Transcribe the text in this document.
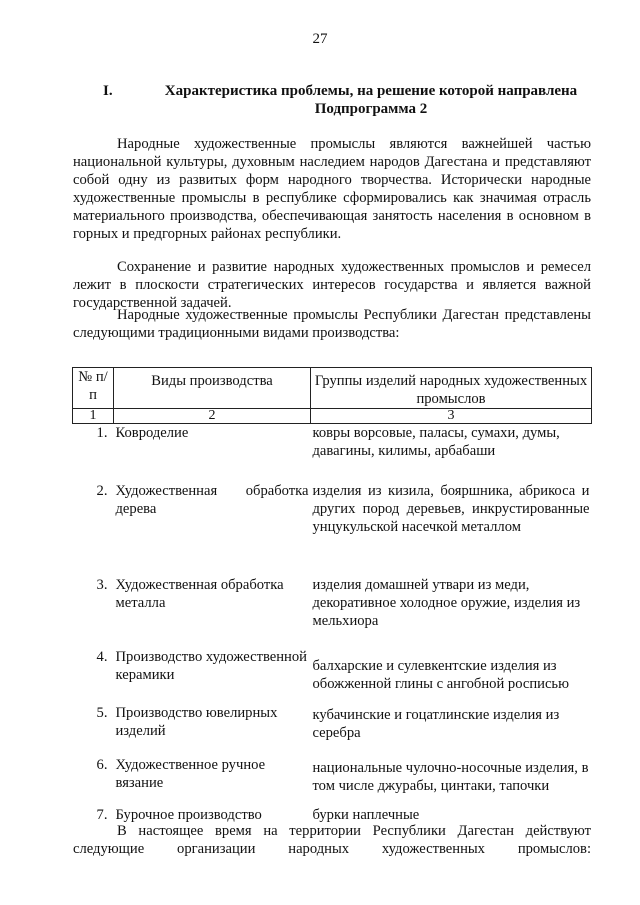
27
I.	Характеристика проблемы, на решение которой направлена
Подпрограмма 2

Народные художественные промыслы являются важнейшей частью национальной культуры, духовным наследием народов Дагестана и представляют собой одну из развитых форм народного творчества. Исторически народные художественные промыслы в республике сформировались как значимая отрасль материального производства, обеспечивающая занятость населения в основном в горных и предгорных районах республики.

Сохранение и развитие народных художественных промыслов и ремесел лежит в плоскости стратегических интересов государства и является важной государственной задачей.

Народные художественные промыслы Республики Дагестан представлены следующими традиционными видами производства:

№ п/п	Виды производства	Группы изделий народных художественных промыслов
1	2	3
1.	Ковроделие	ковры ворсовые, паласы, сумахи, думы, давагины, килимы, арбабаши
2.	Художественная обработка дерева	изделия из кизила, бояршника, абрикоса и других пород деревьев, инкрустированные унцукульской насечкой металлом
3.	Художественная обработка металла	изделия домашней утвари из меди, декоративное холодное оружие, изделия из мельхиора
4.	Производство художественной керамики	балхарские и сулевкентские изделия из обожженной глины с ангобной росписью
5.	Производство ювелирных изделий	кубачинские и гоцатлинские изделия из серебра
6.	Художественное ручное вязание	национальные чулочно-носочные изделия, в том числе джурабы, цинтаки, тапочки
7.	Бурочное производство	бурки наплечные
В настоящее время на территории Республики Дагестан действуют следующие организации народных художественных промыслов:
